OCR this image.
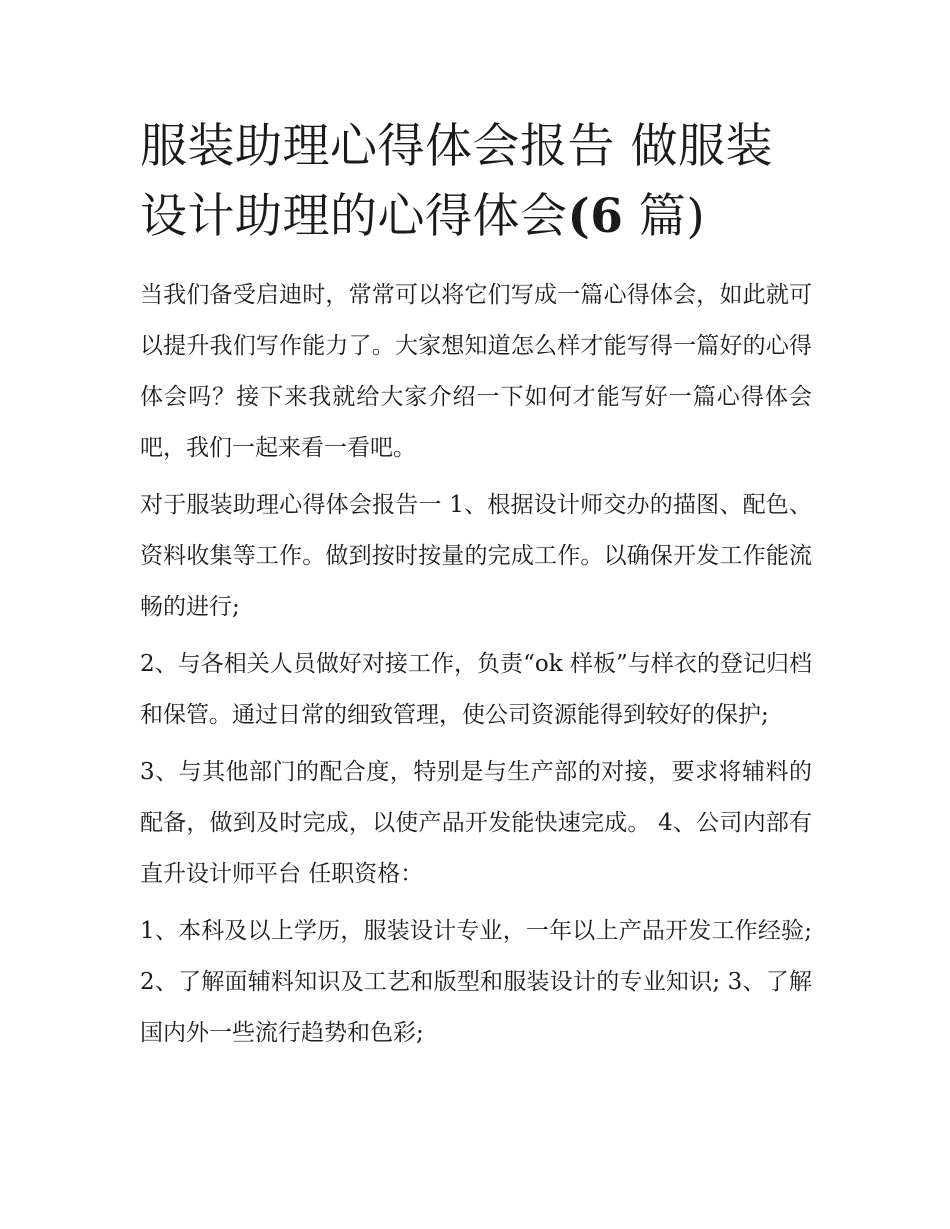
服装助理心得体会报告 做服装设计助理的心得体会(6 篇)

当我们备受启迪时，常常可以将它们写成一篇心得体会，如此就可以提升我们写作能力了。大家想知道怎么样才能写得一篇好的心得体会吗？接下来我就给大家介绍一下如何才能写好一篇心得体会吧，我们一起来看一看吧。

对于服装助理心得体会报告一 1、根据设计师交办的描图、配色、资料收集等工作。做到按时按量的完成工作。以确保开发工作能流畅的进行;

2、与各相关人员做好对接工作，负责“ok 样板”与样衣的登记归档和保管。通过日常的细致管理，使公司资源能得到较好的保护;

3、与其他部门的配合度，特别是与生产部的对接，要求将辅料的配备，做到及时完成，以使产品开发能快速完成。 4、公司内部有直升设计师平台 任职资格：

1、本科及以上学历，服装设计专业，一年以上产品开发工作经验; 2、了解面辅料知识及工艺和版型和服装设计的专业知识; 3、了解国内外一些流行趋势和色彩;
